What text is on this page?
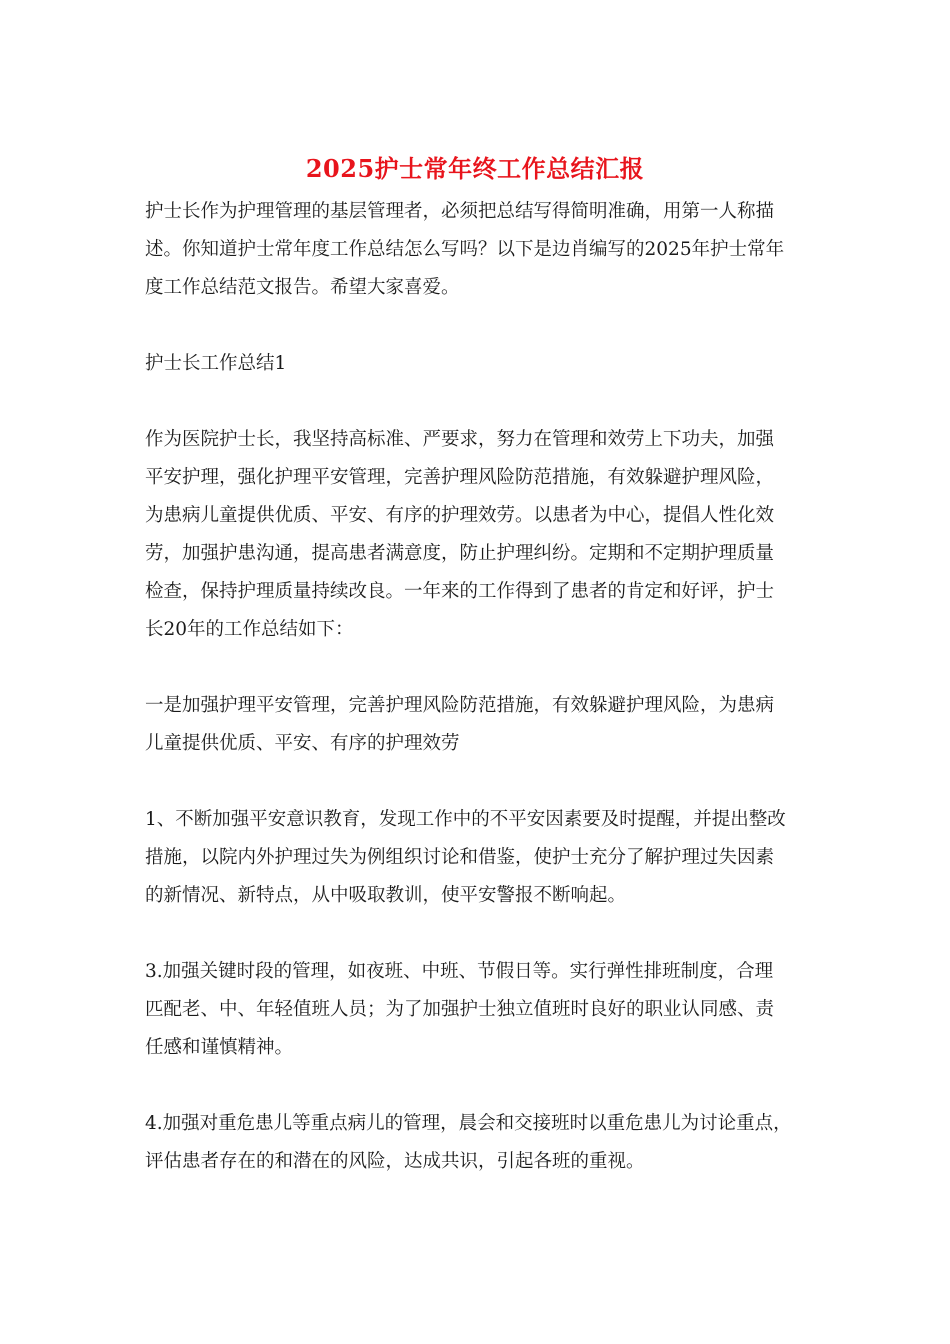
2025护士常年终工作总结汇报
护士长作为护理管理的基层管理者，必须把总结写得简明准确，用第一人称描
述。你知道护士常年度工作总结怎么写吗？以下是边肖编写的2025年护士常年
度工作总结范文报告。希望大家喜爱。
护士长工作总结1
作为医院护士长，我坚持高标准、严要求，努力在管理和效劳上下功夫，加强
平安护理，强化护理平安管理，完善护理风险防范措施，有效躲避护理风险，
为患病儿童提供优质、平安、有序的护理效劳。以患者为中心，提倡人性化效
劳，加强护患沟通，提高患者满意度，防止护理纠纷。定期和不定期护理质量
检查，保持护理质量持续改良。一年来的工作得到了患者的肯定和好评，护士
长20年的工作总结如下：
一是加强护理平安管理，完善护理风险防范措施，有效躲避护理风险，为患病
儿童提供优质、平安、有序的护理效劳
1、不断加强平安意识教育，发现工作中的不平安因素要及时提醒，并提出整改
措施，以院内外护理过失为例组织讨论和借鉴，使护士充分了解护理过失因素
的新情况、新特点，从中吸取教训，使平安警报不断响起。
3.加强关键时段的管理，如夜班、中班、节假日等。实行弹性排班制度，合理
匹配老、中、年轻值班人员；为了加强护士独立值班时良好的职业认同感、责
任感和谨慎精神。
4.加强对重危患儿等重点病儿的管理，晨会和交接班时以重危患儿为讨论重点，
评估患者存在的和潜在的风险，达成共识，引起各班的重视。
